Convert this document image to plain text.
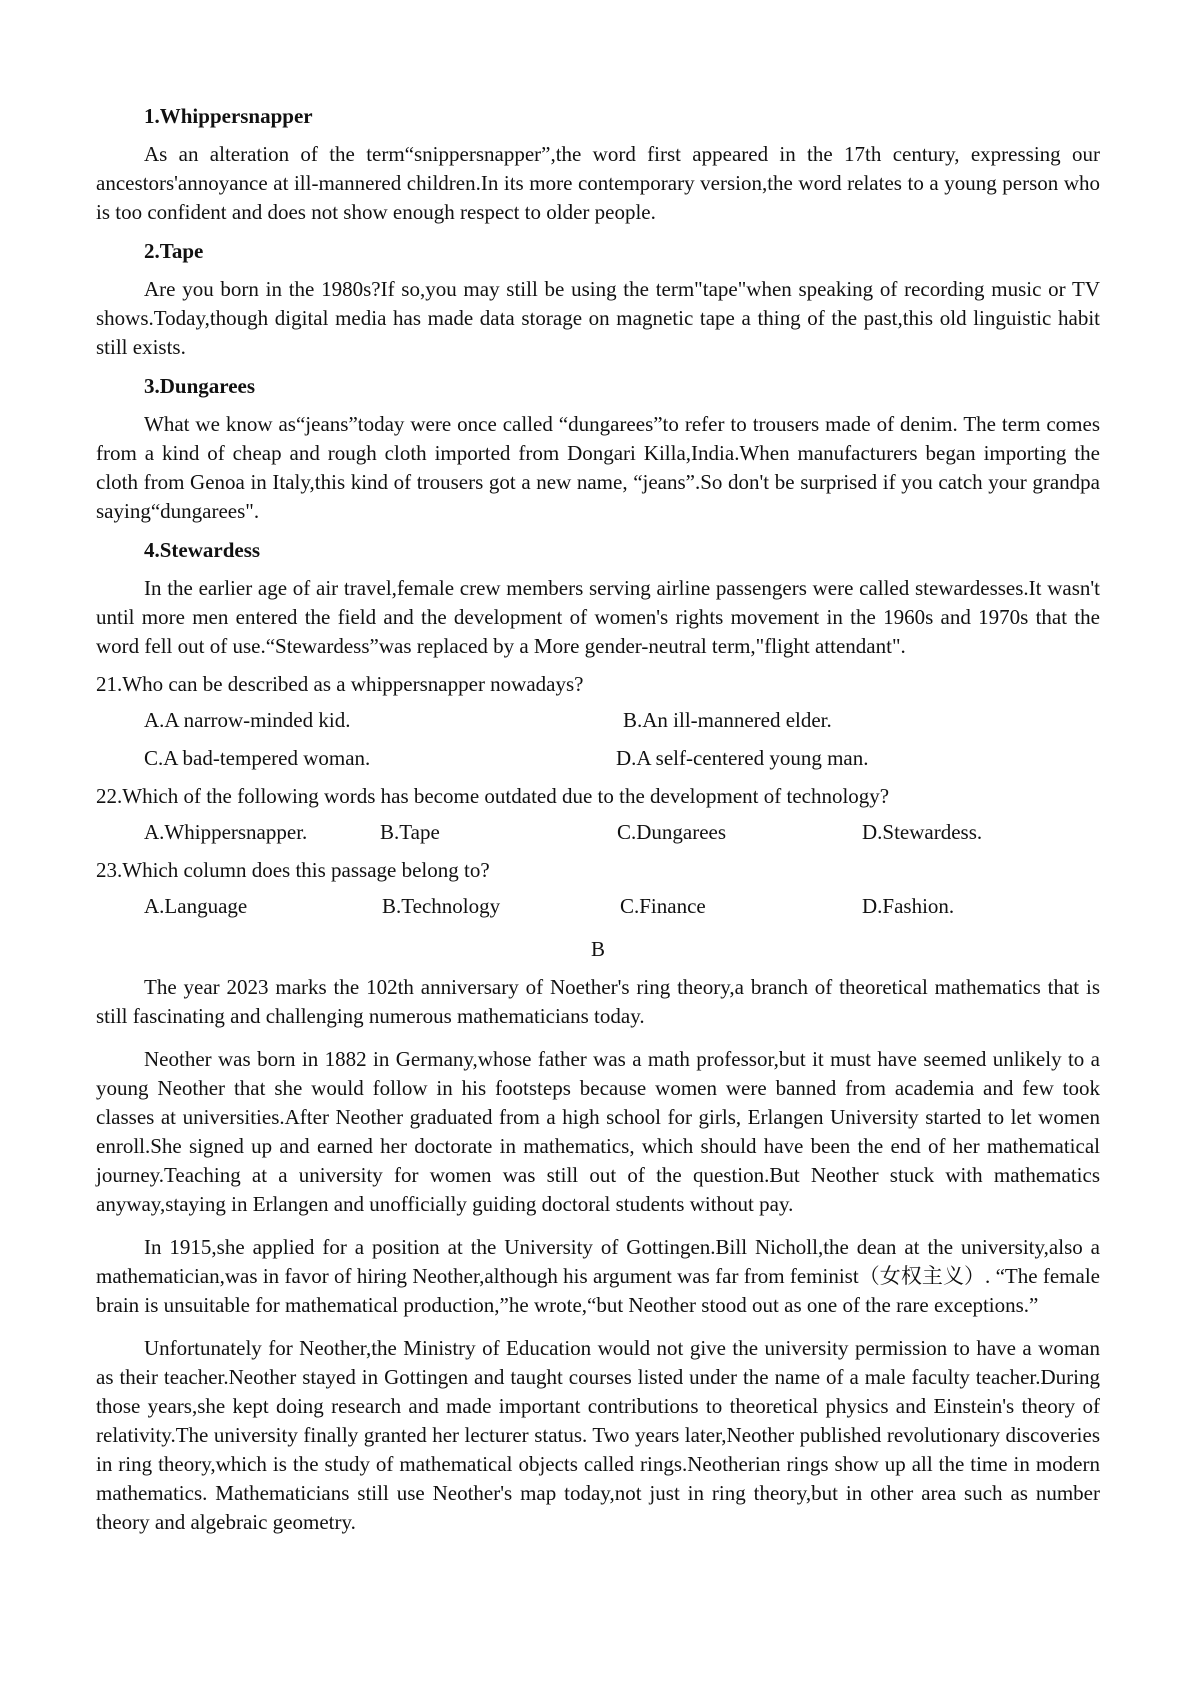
1.Whippersnapper

As an alteration of the term“snippersnapper”,the word first appeared in the 17th century, expressing our ancestors'annoyance at ill-mannered children.In its more contemporary version,the word relates to a young person who is too confident and does not show enough respect to older people.

2.Tape

Are you born in the 1980s?If so,you may still be using the term"tape"when speaking of recording music or TV shows.Today,though digital media has made data storage on magnetic tape a thing of the past,this old linguistic habit still exists.

3.Dungarees

What we know as“jeans”today were once called “dungarees”to refer to trousers made of denim. The term comes from a kind of cheap and rough cloth imported from Dongari Killa,India.When manufacturers began importing the cloth from Genoa in Italy,this kind of trousers got a new name, “jeans”.So don't be surprised if you catch your grandpa saying“dungarees".

4.Stewardess

In the earlier age of air travel,female crew members serving airline passengers were called stewardesses.It wasn't until more men entered the field and the development of women's rights movement in the 1960s and 1970s that the word fell out of use.“Stewardess”was replaced by a More gender-neutral term,"flight attendant".

21.Who can be described as a whippersnapper nowadays?
A.A narrow-minded kid.	B.An ill-mannered elder.
C.A bad-tempered woman.	D.A self-centered young man.
22.Which of the following words has become outdated due to the development of technology?
A.Whippersnapper.	B.Tape	C.Dungarees	D.Stewardess.
23.Which column does this passage belong to?
A.Language	B.Technology	C.Finance	D.Fashion.
B

The year 2023 marks the 102th anniversary of Noether's ring theory,a branch of theoretical mathematics that is still fascinating and challenging numerous mathematicians today.

Neother was born in 1882 in Germany,whose father was a math professor,but it must have seemed unlikely to a young Neother that she would follow in his footsteps because women were banned from academia and few took classes at universities.After Neother graduated from a high school for girls, Erlangen University started to let women enroll.She signed up and earned her doctorate in mathematics, which should have been the end of her mathematical journey.Teaching at a university for women was still out of the question.But Neother stuck with mathematics anyway,staying in Erlangen and unofficially guiding doctoral students without pay.

In 1915,she applied for a position at the University of Gottingen.Bill Nicholl,the dean at the university,also a mathematician,was in favor of hiring Neother,although his argument was far from feminist（女权主义）. “The female brain is unsuitable for mathematical production,”he wrote,“but Neother stood out as one of the rare exceptions.”

Unfortunately for Neother,the Ministry of Education would not give the university permission to have a woman as their teacher.Neother stayed in Gottingen and taught courses listed under the name of a male faculty teacher.During those years,she kept doing research and made important contributions to theoretical physics and Einstein's theory of relativity.The university finally granted her lecturer status. Two years later,Neother published revolutionary discoveries in ring theory,which is the study of mathematical objects called rings.Neotherian rings show up all the time in modern mathematics. Mathematicians still use Neother's map today,not just in ring theory,but in other area such as number theory and algebraic geometry.
